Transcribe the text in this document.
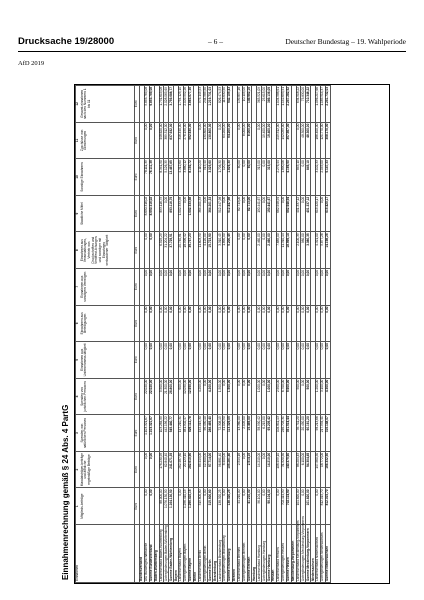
Drucksache 19/28000	– 6 –	Deutscher Bundestag – 19. Wahlperiode
AfD 2019
Einnahmenrechnung gemäß § 24 Abs. 4 PartG Einnahmen	1 Mitglieds-beiträge	2 Mandatsträger-beiträge und ähnliche regelmäßige Beiträge	3 Spenden von natürlichen Personen	4 Spenden von juristischen Personen	5 Einnahmen aus Unternehmens-tätigkeit	6 Einnahmen aus Beteiligungen	7 Einnahmen aus sonstigem Vermögen	8 Einnahmen aus Veranstaltungen, Vertrieb von Druckschriften und Veröffent-lichungen und sonstiger mit Einnahmen verbundener Tätigkeit	9 Staatliche Mittel	10 Sonstige Einnahmen	11 Zuschüsse von Gliederungen	12 Gesamt-einnahmen nach den Nummern 1 bis 11
	Euro	Euro	Euro	Euro	Euro	Euro	Euro	Euro	Euro	Euro	Euro	Euro
Bundesverband												
AfD Bundesgeschäftsstelle	0,00	0,00	1.103.321,67	22.020,00	0,00	0,00	0,00	0,00	8.650.316,02	78.111,39	0,00	9.853.769,08
Summe Bundesverband	0,00	0,00	1.103.321,67	22.020,00	0,00	0,00	0,00	0,00	8.650.316,02	78.111,39	0,00	9.853.769,08
Baden-Württemberg												
Landesverband Baden-Württemberg	88.000,00	178.230,95	103.284,55	5.500,00	0,00	0,00	0,00	6.525,29	893.116,79	8.341,50	448.620,00	1.731.619,08
Untergliederungen Baden-Württemberg	1.076.130,50	62.840,40	442.156,22	21.300,00	0,00	0,00	0,00	31.204,22	0,00	5.126,35	389.312,00	2.028.069,69
Summe Baden-Württemberg	1.164.130,50	241.071,35	545.440,77	26.800,00	0,00	0,00	0,00	37.729,51	893.116,79	13.467,85	837.932,00	3.759.688,77
Bayern												
Landesverband Bayern	0,00	262.487,80	147.210,31	600,00	0,00	0,00	0,00	20.740,81	1.002.333,58	4.312,60	316.440,00	1.754.125,10
Untergliederungen Bayern	1.296.410,15	20.123,10	481.902,47	12.050,00	0,00	0,00	0,00	18.996,42	0,00	3.880,12	276.190,00	2.109.552,26
Summe Bayern	1.296.410,15	282.610,90	629.112,78	12.650,00	0,00	0,00	0,00	39.737,23	1.002.333,58	8.192,72	592.630,00	3.863.677,36
Berlin												
Landesverband Berlin	315.600,80	85.414,00	192.015,30	4.200,00	0,00	0,00	0,00	11.603,90	364.201,33	2.110,20	0,00	975.145,53
Untergliederungen Berlin	0,00	12.300,00	96.450,10	0,00	0,00	0,00	0,00	4.120,00	0,00	915,40	130.800,00	244.585,50
Summe Berlin	315.600,80	97.714,00	288.465,40	4.200,00	0,00	0,00	0,00	15.723,90	364.201,33	3.025,60	130.800,00	1.219.731,03
Brandenburg												
Landesverband Brandenburg	138.320,25	96.881,40	72.308,15	1.500,00	0,00	0,00	0,00	3.310,45	512.447,98	1.706,30	0,00	826.474,53
Untergliederungen Brandenburg	0,00	8.400,00	41.020,90	0,00	0,00	0,00	0,00	1.890,00	0,00	120,00	64.200,00	115.630,90
Summe Brandenburg	138.320,25	105.281,40	113.329,05	1.500,00	0,00	0,00	0,00	5.200,45	512.447,98	1.826,30	64.200,00	942.105,43
Bremen												
Landesverband Bremen	41.210,00	2.514,16	13.360,00	0,00	0,00	0,00	0,00	0,00	82.713,00	60,00	0,00	139.857,16
Untergliederungen Bremen	0,00	0,00	2.105,00	0,00	0,00	0,00	0,00	0,00	0,00	0,00	8.000,00	10.105,00
Summe Bremen	41.210,00	2.514,16	15.465,00	0,00	0,00	0,00	0,00	0,00	82.713,00	60,00	8.000,00	149.962,16
Hamburg												
Landesverband Hamburg	96.104,00	14.210,00	58.990,42	1.000,00	0,00	0,00	0,00	2.460,00	190.441,67	315,00	0,00	363.521,09
Untergliederungen Hamburg	0,00	0,00	6.215,00	0,00	0,00	0,00	0,00	0,00	0,00	0,00	19.400,00	25.615,00
Summe Hamburg	96.104,00	14.210,00	65.205,42	1.000,00	0,00	0,00	0,00	2.460,00	190.441,67	315,00	19.400,00	389.136,09
Hessen												
Landesverband Hessen	0,00	108.455,10	104.811,13	2.900,00	0,00	0,00	0,00	7.685,00	662.948,94	2.276,44	215.512,00	1.104.588,61
Untergliederungen Hessen	702.114,90	31.920,50	246.703,31	6.700,00	0,00	0,00	0,00	11.310,14	0,00	1.890,06	142.055,00	1.142.693,91
Summe Hessen	702.114,90	140.375,60	351.514,44	9.600,00	0,00	0,00	0,00	18.995,14	662.948,94	4.166,50	357.567,00	2.247.282,52
Mecklenburg-Vorpommern												
Landesverband Mecklenburg-Vorpommern	101.820,00	88.204,45	39.711,20	500,00	0,00	0,00	0,00	2.100,35	401.337,12	845,10	0,00	634.518,22
Untergliederungen Mecklenburg-Vorpommern	0,00	6.100,00	20.450,00	0,00	0,00	0,00	0,00	980,00	0,00	0,00	48.300,00	75.830,00
Summe Mecklenburg-Vorpommern	101.820,00	94.304,45	60.161,20	500,00	0,00	0,00	0,00	3.080,35	401.337,12	845,10	48.300,00	710.348,22
Niedersachsen												
Landesverband Niedersachsen	0,00	147.560,50	98.213,66	1.200,00	0,00	0,00	0,00	4.321,00	615.420,17	3.102,33	186.400,00	1.056.217,66
Untergliederungen Niedersachsen	812.015,70	18.772,00	217.934,41	3.100,00	0,00	0,00	0,00	9.877,26	0,00	2.045,00	121.770,00	1.185.514,37
Summe Niedersachsen	812.015,70	166.332,50	316.148,07	4.300,00	0,00	0,00	0,00	14.198,26	615.420,17	5.147,33	308.170,00	2.241.732,03
